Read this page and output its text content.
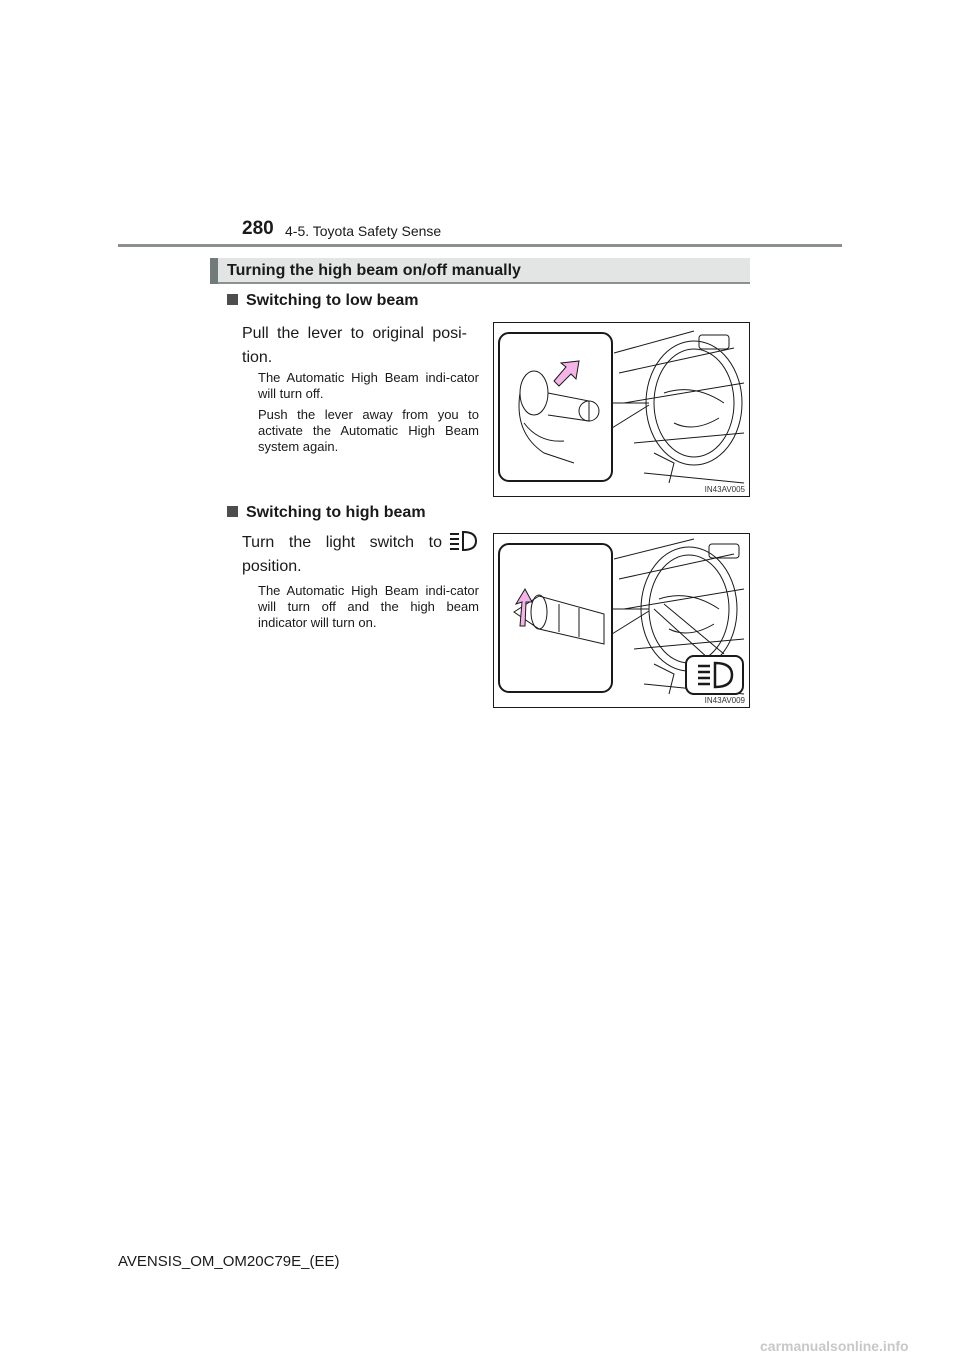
280 4-5. Toyota Safety Sense
Turning the high beam on/off manually
Switching to low beam
Pull the lever to original posi-tion.
The Automatic High Beam indi-cator will turn off.
Push the lever away from you to activate the Automatic High Beam system again.
IN43AV005
Switching to high beam
Turn the light switch to
position.
The Automatic High Beam indi-cator will turn off and the high beam indicator will turn on.
IN43AV009
AVENSIS_OM_OM20C79E_(EE)
carmanualsonline.info
